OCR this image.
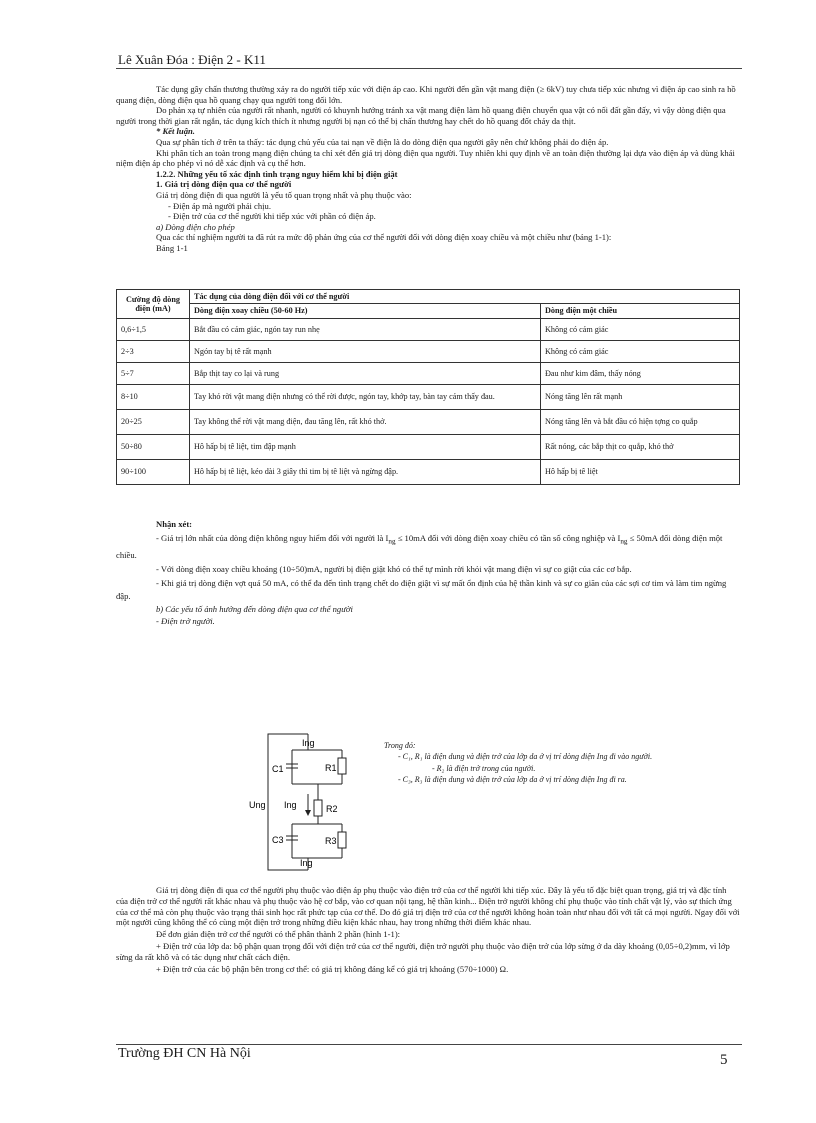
Lê Xuân Đóa : Điện 2 - K11

Tác dụng gây chấn thương thường xảy ra do người tiếp xúc với điện áp cao. Khi người đến gần vật mang điện (≥ 6kV) tuy chưa tiếp xúc nhưng vì điện áp cao sinh ra hồ quang điện, dòng điện qua hồ quang chạy qua người tong đối lớn.

Do phản xạ tự nhiên của người rất nhanh, người có khuynh hướng tránh xa vật mang điện làm hồ quang điện chuyển qua vật có nối đất gần đấy, vì vậy dòng điện qua người trong thời gian rất ngắn, tác dụng kích thích ít nhưng người bị nạn có thể bị chấn thương hay chết do hồ quang đốt cháy da thịt.

* Kết luận.

Qua sự phân tích ở trên ta thấy: tác dụng chủ yếu của tai nạn về điện là do dòng điện qua người gây nên chứ không phải do điện áp.

Khi phân tích an toàn trong mạng điện chúng ta chỉ xét đến giá trị dòng điện qua người. Tuy nhiên khi quy định về an toàn điện thường lại dựa vào điện áp và dùng khái niệm điện áp cho phép vì nó dễ xác định và cụ thể hơn.

1.2.2. Những yếu tố xác định tình trạng nguy hiểm khi bị điện giật

1. Giá trị dòng điện qua cơ thể người

Giá trị dòng điện đi qua người là yếu tố quan trọng nhất và phụ thuộc vào:

- Điện áp mà người phải chịu.

- Điện trở của cơ thể người khi tiếp xúc với phần có điện áp.

a) Dòng điện cho phép

Qua các thí nghiệm người ta đã rút ra mức độ phản ứng của cơ thể người đối với dòng điện xoay chiều và một chiều như (bảng 1-1):

Bảng 1-1

Cường độ dòng điện (mA)	Tác dụng của dòng điện đối với cơ thể người	
	Dòng điện xoay chiều (50-60 Hz)	Dòng điện một chiều
0,6÷1,5	Bắt đầu có cảm giác, ngón tay run nhẹ	Không có cảm giác
2÷3	Ngón tay bị tê rất mạnh	Không có cảm giác
5÷7	Bắp thịt tay co lại và rung	Đau như kim đâm, thấy nóng
8÷10	Tay khó rời vật mang điện nhưng có thể rời được, ngón tay, khớp tay, bàn tay cảm thấy đau.	Nóng tăng lên rất mạnh
20÷25	Tay không thể rời vật mang điện, đau tăng lên, rất khó thở.	Nóng tăng lên và bắt đầu có hiện tợng co quắp
50÷80	Hô hấp bị tê liệt, tim đập mạnh	Rất nóng, các bắp thịt co quắp, khó thở
90÷100	Hô hấp bị tê liệt, kéo dài 3 giây thì tim bị tê liệt và ngừng đập.	Hô hấp bị tê liệt

Nhận xét:

- Giá trị lớn nhất của dòng điện không nguy hiểm đối với người là $I_{ng} \le 10mA$ đối với dòng điện xoay chiều có tần số công nghiệp và $I_{ng} \le 50mA$ đối dòng điện một chiều.

- Với dòng điện xoay chiều khoảng (10÷50)mA, người bị điện giật khó có thể tự mình rời khỏi vật mang điện vì sự co giật của các cơ bắp.

- Khi giá trị dòng điện vợt quá 50 mA, có thể đa đến tình trạng chết do điện giật vì sự mất ổn định của hệ thần kinh và sự co giãn của các sợi cơ tim và làm tim ngừng đập.

b) Các yếu tố ảnh hưởng đến dòng điện qua cơ thể người

- Điện trở người.

Ing
Ing
Ing
Ung
C1	R1
R2
C3	R3

Trong đó:

- C₁, R₁ là điện dung và điện trở của lớp da ở vị trí dòng điện Ing đi vào người.

- R₂ là điện trở trong của người.

- C₃, R₃ là điện dung và điện trở của lớp da ở vị trí dòng điện Ing đi ra.

Giá trị dòng điện đi qua cơ thể người phụ thuộc vào điện áp phụ thuộc vào điện trở của cơ thể người khi tiếp xúc. Đây là yếu tố đặc biệt quan trọng, giá trị và đặc tính của điện trở cơ thể người rất khác nhau và phụ thuộc vào hệ cơ bắp, vào cơ quan nội tạng, hệ thần kinh... Điện trở người không chỉ phụ thuộc vào tính chất vật lý, vào sự thích ứng của cơ thể mà còn phụ thuộc vào trạng thái sinh học rất phức tạp của cơ thể. Do đó giá trị điện trở của cơ thể người không hoàn toàn như nhau đối với tất cả mọi người. Ngay đối với một người cũng không thể có cùng một điện trở trong những điều kiện khác nhau, hay trong những thời điểm khác nhau.

Để đơn giản điện trở cơ thể người có thể phân thành 2 phần (hình 1-1):

+ Điện trở của lớp da: bộ phận quan trọng đối với điện trở của cơ thể người, điện trở người phụ thuộc vào điện trở của lớp sừng ở da dày khoảng (0,05÷0,2)mm, vì lớp sừng da rất khô và có tác dụng như chất cách điện.

+ Điện trở của các bộ phận bên trong cơ thể: có giá trị không đáng kể có giá trị khoảng (570÷1000) Ω.

Trường ĐH CN Hà Nội	5
